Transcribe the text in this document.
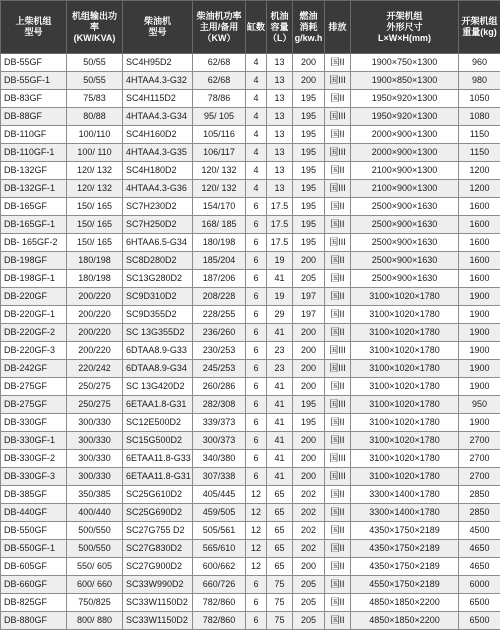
上柴机组
型号	机组输出功
率
(KW/KVA)	柴油机
型号	柴油机功率
主用/备用
（KW）	缸数	机油
容量
（L）	燃油
消耗
g/kw.h	排放	开架机组
外形尺寸
L×W×H(mm)	开架机组
重量(kg)
DB-55GF	50/55	SC4H95D2	62/68	4	13	200	国II	1900×750×1300	960
DB-55GF-1	50/55	4HTAA4.3-G32	62/68	4	13	200	国III	1900×850×1300	980
DB-83GF	75/83	SC4H115D2	78/86	4	13	195	国II	1950×920×1300	1050
DB-88GF	80/88	4HTAA4.3-G34	95/ 105	4	13	195	国III	1950×920×1300	1080
DB-110GF	100/110	SC4H160D2	105/116	4	13	195	国II	2000×900×1300	1150
DB-110GF-1	100/ 110	4HTAA4.3-G35	106/117	4	13	195	国III	2000×900×1300	1150
DB-132GF	120/ 132	SC4H180D2	120/ 132	4	13	195	国II	2100×900×1300	1200
DB-132GF-1	120/ 132	4HTAA4.3-G36	120/ 132	4	13	195	国III	2100×900×1300	1200
DB-165GF	150/ 165	SC7H230D2	154/170	6	17.5	195	国II	2500×900×1630	1600
DB-165GF-1	150/ 165	SC7H250D2	168/ 185	6	17.5	195	国II	2500×900×1630	1600
DB- 165GF-2	150/ 165	6HTAA6.5-G34	180/198	6	17.5	195	国III	2500×900×1630	1600
DB-198GF	180/198	SC8D280D2	185/204	6	19	200	国II	2500×900×1630	1600
DB-198GF-1	180/198	SC13G280D2	187/206	6	41	205	国II	2500×900×1630	1600
DB-220GF	200/220	SC9D310D2	208/228	6	19	197	国II	3100×1020×1780	1900
DB-220GF-1	200/220	SC9D355D2	228/255	6	29	197	国II	3100×1020×1780	1900
DB-220GF-2	200/220	SC 13G355D2	236/260	6	41	200	国II	3100×1020×1780	1900
DB-220GF-3	200/220	6DTAA8.9-G33	230/253	6	23	200	国III	3100×1020×1780	1900
DB-242GF	220/242	6DTAA8.9-G34	245/253	6	23	200	国III	3100×1020×1780	1900
DB-275GF	250/275	SC 13G420D2	260/286	6	41	200	国II	3100×1020×1780	1900
DB-275GF	250/275	6ETAA1.8-G31	282/308	6	41	195	国III	3100×1020×1780	950
DB-330GF	300/330	SC12E500D2	339/373	6	41	195	国II	3100×1020×1780	1900
DB-330GF-1	300/330	SC15G500D2	300/373	6	41	200	国II	3100×1020×1780	2700
DB-330GF-2	300/330	6ETAA11.8-G33	340/380	6	41	200	国III	3100×1020×1780	2700
DB-330GF-3	300/330	6ETAA11.8-G31	307/338	6	41	200	国III	3100×1020×1780	2700
DB-385GF	350/385	SC25G610D2	405/445	12	65	202	国II	3300×1400×1780	2850
DB-440GF	400/440	SC25G690D2	459/505	12	65	202	国II	3300×1400×1780	2850
DB-550GF	500/550	SC27G755 D2	505/561	12	65	202	国II	4350×1750×2189	4500
DB-550GF-1	500/550	SC27G830D2	565/610	12	65	202	国II	4350×1750×2189	4650
DB-605GF	550/ 605	SC27G900D2	600/662	12	65	200	国II	4350×1750×2189	4650
DB-660GF	600/ 660	SC33W990D2	660/726	6	75	205	国II	4550×1750×2189	6000
DB-825GF	750/825	SC33W1150D2	782/860	6	75	205	国II	4850×1850×2200	6500
DB-880GF	800/ 880	SC33W1150D2	782/860	6	75	205	国II	4850×1850×2200	6500
